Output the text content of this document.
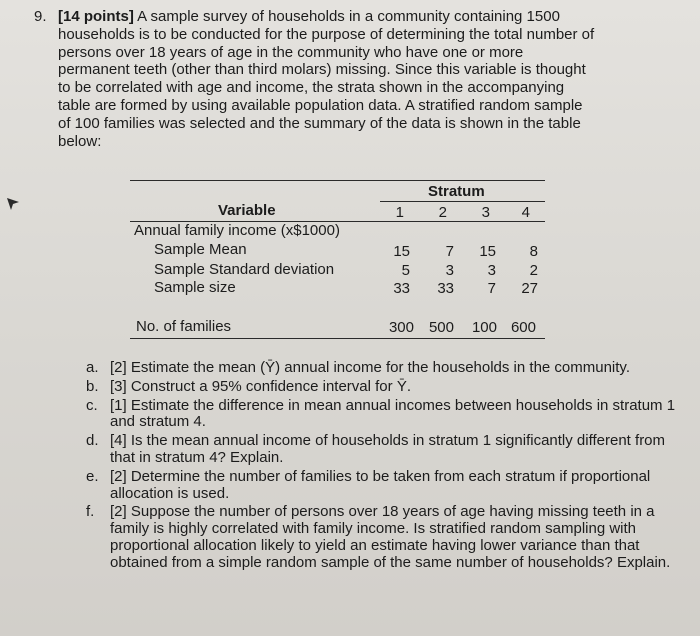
9. [14 points] A sample survey of households in a community containing 1500
households is to be conducted for the purpose of determining the total number of
persons over 18 years of age in the community who have one or more
permanent teeth (other than third molars) missing. Since this variable is thought
to be correlated with age and income, the strata shown in the accompanying
table are formed by using available population data. A stratified random sample
of 100 families was selected and the summary of the data is shown in the table
below:
Stratum
Variable	1	2	3	4
Annual family income (x$1000)
Sample Mean	15	7	15	8
Sample Standard deviation	5	3	3	2
Sample size	33	33	7	27
No. of families	300 500	100 600
a. [2] Estimate the mean (Ȳ) annual income for the households in the community.
b. [3] Construct a 95% confidence interval for Ȳ.
c. [1] Estimate the difference in mean annual incomes between households in stratum 1 and stratum 4.
d. [4] Is the mean annual income of households in stratum 1 significantly different from that in stratum 4? Explain.
e. [2] Determine the number of families to be taken from each stratum if proportional allocation is used.
f. [2] Suppose the number of persons over 18 years of age having missing teeth in a family is highly correlated with family income. Is stratified random sampling with proportional allocation likely to yield an estimate having lower variance than that obtained from a simple random sample of the same number of households? Explain.
